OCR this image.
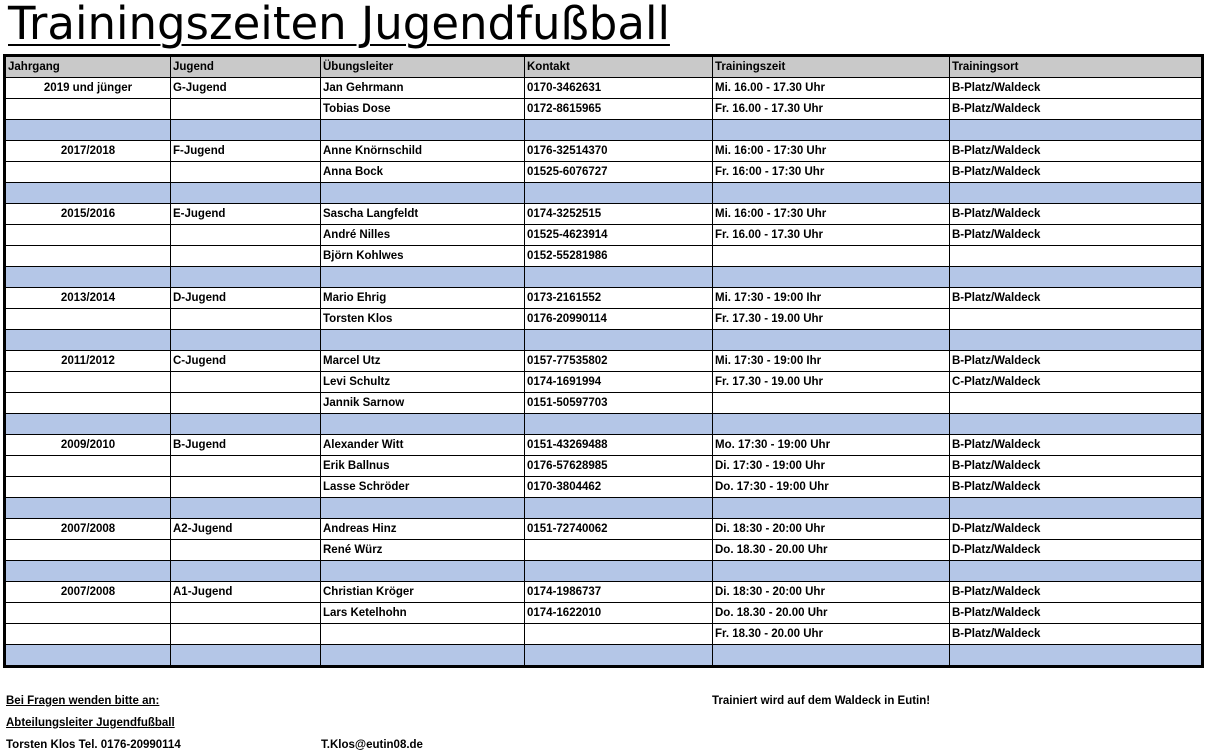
Trainingszeiten Jugendfußball
Jahrgang	Jugend	Übungsleiter	Kontakt	Trainingszeit	Trainingsort
2019 und jünger	G-Jugend	Jan Gehrmann	0170-3462631	Mi. 16.00 - 17.30 Uhr	B-Platz/Waldeck
		Tobias Dose	0172-8615965	Fr. 16.00 - 17.30 Uhr	B-Platz/Waldeck

2017/2018	F-Jugend	Anne Knörnschild	0176-32514370	Mi. 16:00 - 17:30 Uhr	B-Platz/Waldeck
		Anna Bock	01525-6076727	Fr. 16:00 - 17:30 Uhr	B-Platz/Waldeck

2015/2016	E-Jugend	Sascha Langfeldt	0174-3252515	Mi. 16:00 - 17:30 Uhr	B-Platz/Waldeck
		André Nilles	01525-4623914	Fr. 16.00 - 17.30 Uhr	B-Platz/Waldeck
		Björn Kohlwes	0152-55281986		

2013/2014	D-Jugend	Mario Ehrig	0173-2161552	Mi. 17:30 - 19:00 Ihr	B-Platz/Waldeck
		Torsten Klos	0176-20990114	Fr. 17.30 - 19.00 Uhr	

2011/2012	C-Jugend	Marcel Utz	0157-77535802	Mi. 17:30 - 19:00 Ihr	B-Platz/Waldeck
		Levi Schultz	0174-1691994	Fr. 17.30 - 19.00 Uhr	C-Platz/Waldeck
		Jannik Sarnow	0151-50597703		

2009/2010	B-Jugend	Alexander Witt	0151-43269488	Mo. 17:30 - 19:00 Uhr	B-Platz/Waldeck
		Erik Ballnus	0176-57628985	Di. 17:30 - 19:00 Uhr	B-Platz/Waldeck
		Lasse Schröder	0170-3804462	Do. 17:30 - 19:00 Uhr	B-Platz/Waldeck

2007/2008	A2-Jugend	Andreas Hinz	0151-72740062	Di. 18:30 - 20:00 Uhr	D-Platz/Waldeck
		René Würz		Do. 18.30 - 20.00 Uhr	D-Platz/Waldeck

2007/2008	A1-Jugend	Christian Kröger	0174-1986737	Di. 18:30 - 20:00 Uhr	B-Platz/Waldeck
		Lars Ketelhohn	0174-1622010	Do. 18.30 - 20.00 Uhr	B-Platz/Waldeck
				Fr. 18.30 - 20.00 Uhr	B-Platz/Waldeck

Bei Fragen wenden bitte an:	Trainiert wird auf dem Waldeck in Eutin!
Abteilungsleiter Jugendfußball
Torsten Klos Tel. 0176-20990114	T.Klos@eutin08.de
